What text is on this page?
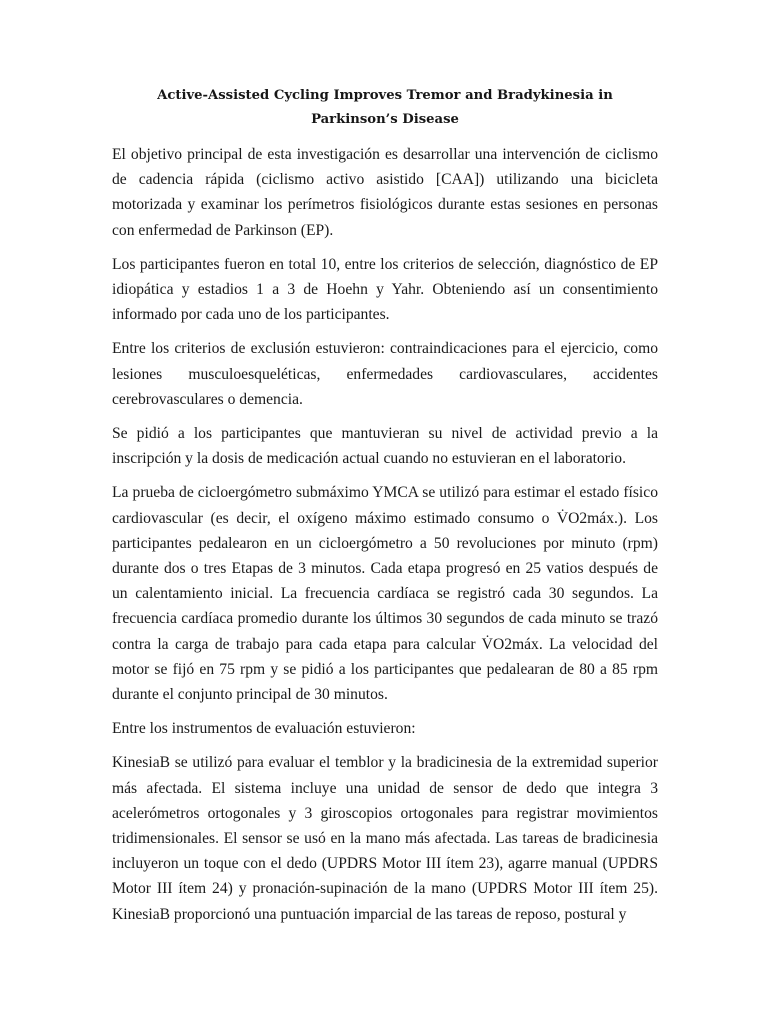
Active-Assisted Cycling Improves Tremor and Bradykinesia in Parkinson’s Disease

El objetivo principal de esta investigación es desarrollar una intervención de ciclismo de cadencia rápida (ciclismo activo asistido [CAA]) utilizando una bicicleta motorizada y examinar los perímetros fisiológicos durante estas sesiones en personas con enfermedad de Parkinson (EP).

Los participantes fueron en total 10, entre los criterios de selección, diagnóstico de EP idiopática y estadios 1 a 3 de Hoehn y Yahr. Obteniendo así un consentimiento informado por cada uno de los participantes.

Entre los criterios de exclusión estuvieron: contraindicaciones para el ejercicio, como lesiones musculoesqueléticas, enfermedades cardiovasculares, accidentes cerebrovasculares o demencia.

Se pidió a los participantes que mantuvieran su nivel de actividad previo a la inscripción y la dosis de medicación actual cuando no estuvieran en el laboratorio.

La prueba de cicloergómetro submáximo YMCA se utilizó para estimar el estado físico cardiovascular (es decir, el oxígeno máximo estimado consumo o V̇O2máx.). Los participantes pedalearon en un cicloergómetro a 50 revoluciones por minuto (rpm) durante dos o tres Etapas de 3 minutos. Cada etapa progresó en 25 vatios después de un calentamiento inicial. La frecuencia cardíaca se registró cada 30 segundos. La frecuencia cardíaca promedio durante los últimos 30 segundos de cada minuto se trazó contra la carga de trabajo para cada etapa para calcular V̇O2máx. La velocidad del motor se fijó en 75 rpm y se pidió a los participantes que pedalearan de 80 a 85 rpm durante el conjunto principal de 30 minutos.

Entre los instrumentos de evaluación estuvieron:

KinesiaB se utilizó para evaluar el temblor y la bradicinesia de la extremidad superior más afectada. El sistema incluye una unidad de sensor de dedo que integra 3 acelerómetros ortogonales y 3 giroscopios ortogonales para registrar movimientos tridimensionales. El sensor se usó en la mano más afectada. Las tareas de bradicinesia incluyeron un toque con el dedo (UPDRS Motor III ítem 23), agarre manual (UPDRS Motor III ítem 24) y pronación-supinación de la mano (UPDRS Motor III ítem 25). KinesiaB proporcionó una puntuación imparcial de las tareas de reposo, postural y
